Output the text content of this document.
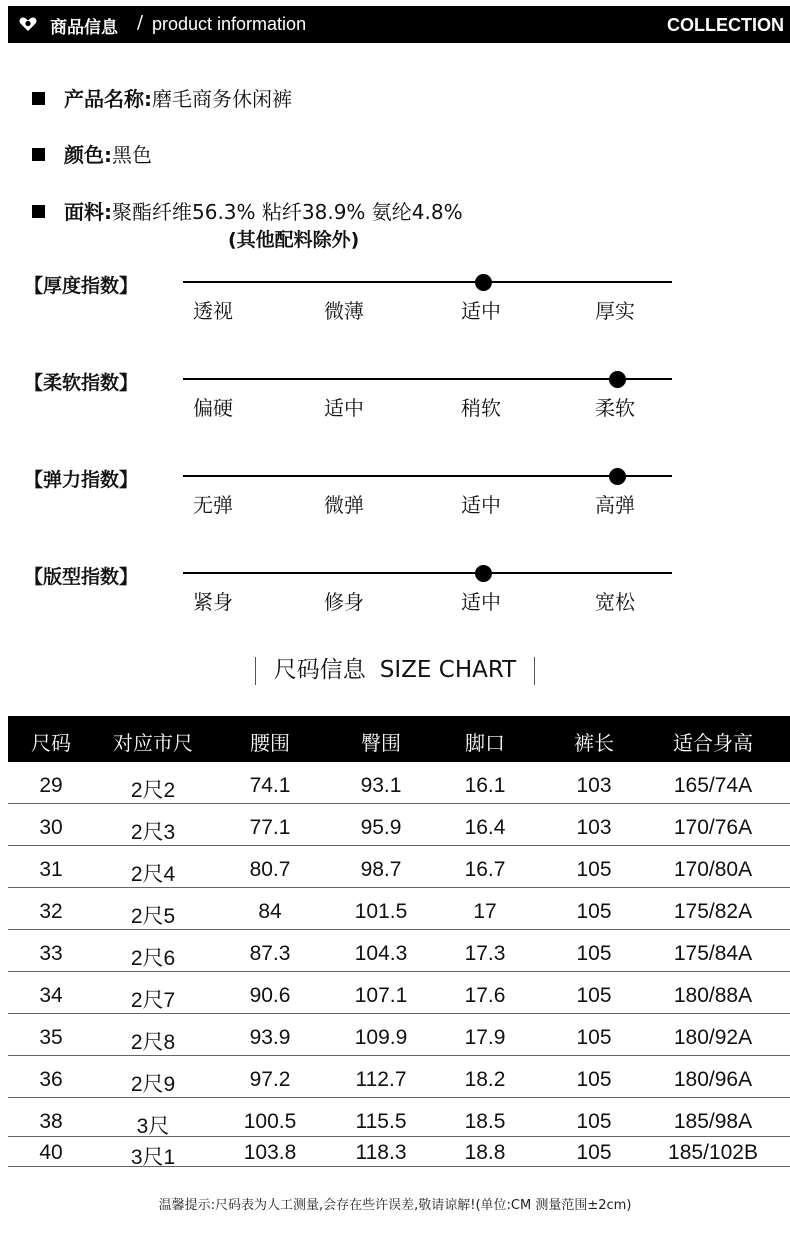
商品信息 / product information	COLLECTION
产品名称:磨毛商务休闲裤
颜色:黑色
面料:聚酯纤维56.3% 粘纤38.9% 氨纶4.8%
(其他配料除外)
【厚度指数】
透视	微薄	适中	厚实
【柔软指数】
偏硬	适中	稍软	柔软
【弹力指数】
无弹	微弹	适中	高弹
【版型指数】
紧身	修身	适中	宽松
尺码信息 SIZE CHART
尺码 对应市尺	腰围	臀围	脚口	裤长	适合身高
29	2尺2	74.1	93.1	16.1	103	165/74A
30	2尺3	77.1	95.9	16.4	103	170/76A
31	2尺4	80.7	98.7	16.7	105	170/80A
32	2尺5	84	101.5	17	105	175/82A
33	2尺6	87.3	104.3	17.3	105	175/84A
34	2尺7	90.6	107.1	17.6	105	180/88A
35	2尺8	93.9	109.9	17.9	105	180/92A
36	2尺9	97.2	112.7	18.2	105	180/96A
38	3尺	100.5	115.5	18.5	105	185/98A
40	3尺1	103.8	118.3	18.8	105	185/102B
温馨提示:尺码表为人工测量,会存在些许误差,敬请谅解!(单位:CM 测量范围±2cm)
